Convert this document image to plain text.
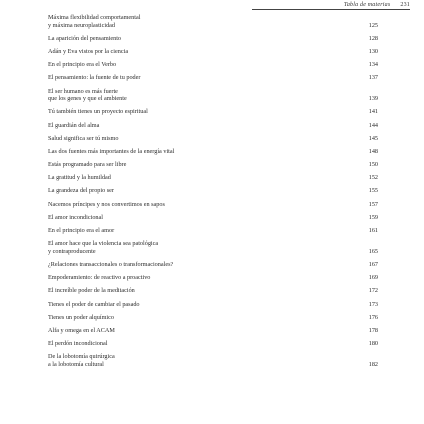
Tabla de materias 231
Máxima flexibilidad comportamental
y máxima neuroplasticidad	125
La aparición del pensamiento	128
Adán y Eva vistos por la ciencia	130
En el principio era el Verbo	134
El pensamiento: la fuente de tu poder	137
El ser humano es más fuerte
que los genes y que el ambiente	139
Tú también tienes un proyecto espiritual	141
El guardián del alma	144
Salud significa ser tú mismo	145
Las dos fuentes más importantes de la energía vital	148
Estás programado para ser libre	150
La gratitud y la humildad	152
La grandeza del propio ser	155
Nacemos príncipes y nos convertimos en sapos	157
El amor incondicional	159
En el principio era el amor	161
El amor hace que la violencia sea patológica
y contraproducente	165
¿Relaciones transaccionales o transformacionales?	167
Empoderamiento: de reactivo a proactivo	169
El increíble poder de la meditación	172
Tienes el poder de cambiar el pasado	173
Tienes un poder alquímico	176
Alfa y omega en el ACAM	178
El perdón incondicional	180
De la lobotomía quirúrgica
a la lobotomía cultural	182
